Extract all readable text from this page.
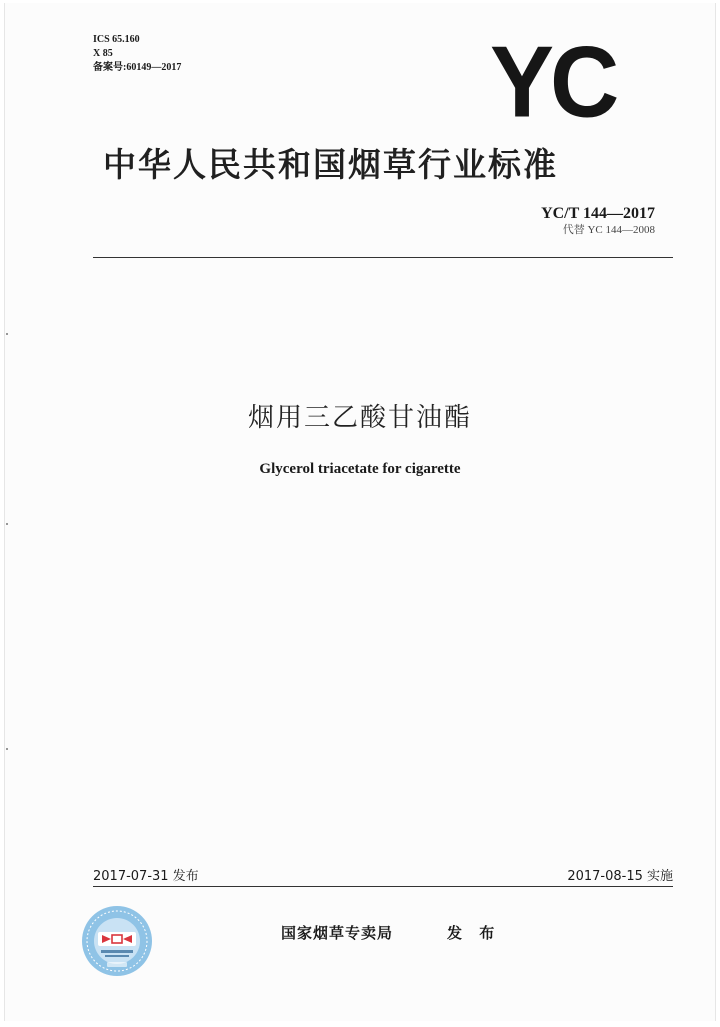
ICS 65.160
X 85
备案号:60149—2017	YC
中华人民共和国烟草行业标准
YC/T 144—2017
代替 YC 144—2008
烟用三乙酸甘油酯
Glycerol triacetate for cigarette
2017-07-31 发布	2017-08-15 实施
国家烟草专卖局	发 布
